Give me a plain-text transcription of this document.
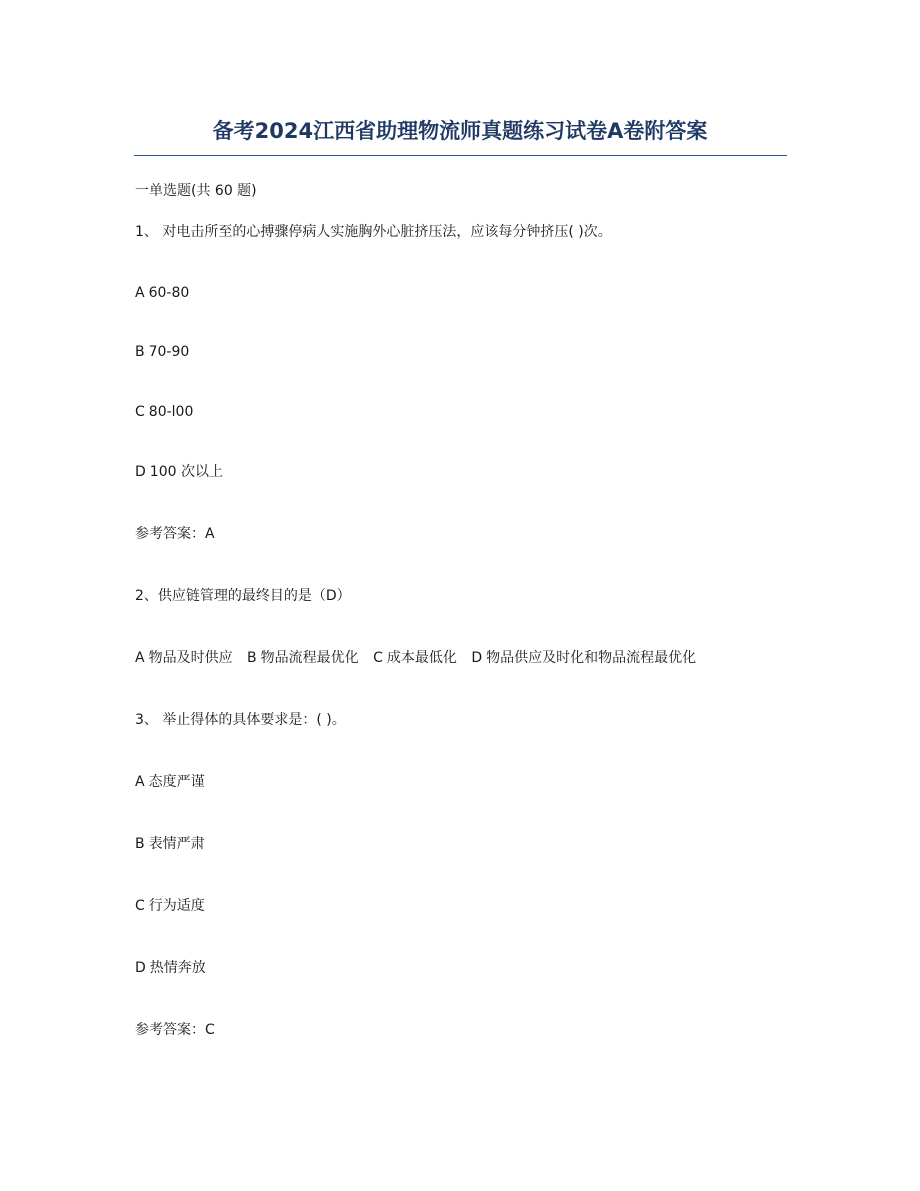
备考2024江西省助理物流师真题练习试卷A卷附答案
一单选题(共 60 题)
1、 对电击所至的心搏骤停病人实施胸外心脏挤压法，应该每分钟挤压( )次。
A 60-80
B 70-90
C 80-l00
D 100 次以上
参考答案：A
2、供应链管理的最终目的是（D）
A 物品及时供应 B 物品流程最优化 C 成本最低化 D 物品供应及时化和物品流程最优化
3、 举止得体的具体要求是：( )。
A 态度严谨
B 表情严肃
C 行为适度
D 热情奔放
参考答案：C
